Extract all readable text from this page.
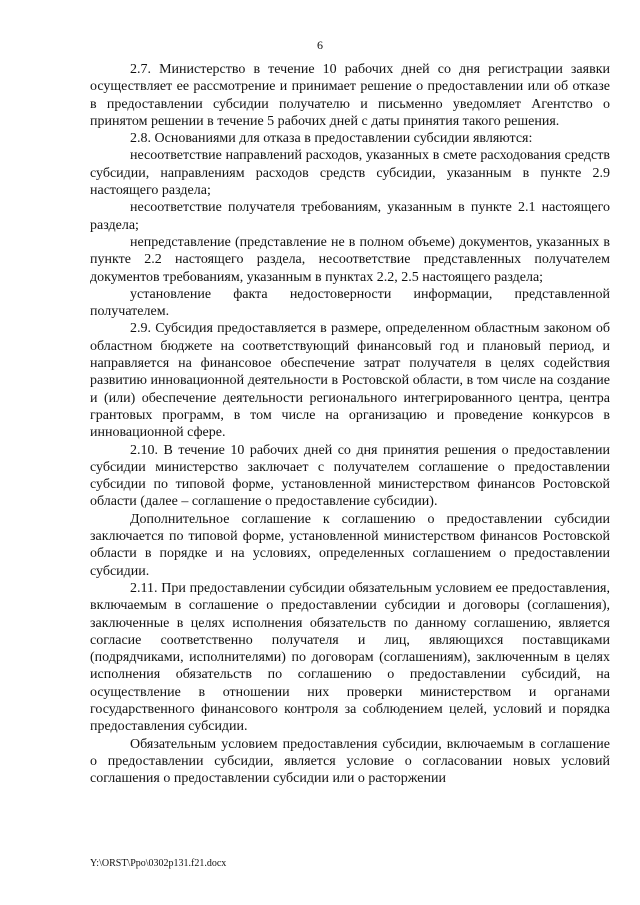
6

2.7. Министерство в течение 10 рабочих дней со дня регистрации заявки осуществляет ее рассмотрение и принимает решение о предоставлении или об отказе в предоставлении субсидии получателю и письменно уведомляет Агентство о принятом решении в течение 5 рабочих дней с даты принятия такого решения.

2.8. Основаниями для отказа в предоставлении субсидии являются:

несоответствие направлений расходов, указанных в смете расходования средств субсидии, направлениям расходов средств субсидии, указанным в пункте 2.9 настоящего раздела;

несоответствие получателя требованиям, указанным в пункте 2.1 настоящего раздела;

непредставление (представление не в полном объеме) документов, указанных в пункте 2.2 настоящего раздела, несоответствие представленных получателем документов требованиям, указанным в пунктах 2.2, 2.5 настоящего раздела;

установление факта недостоверности информации, представленной получателем.

2.9. Субсидия предоставляется в размере, определенном областным законом об областном бюджете на соответствующий финансовый год и плановый период, и направляется на финансовое обеспечение затрат получателя в целях содействия развитию инновационной деятельности в Ростовской области, в том числе на создание и (или) обеспечение деятельности регионального интегрированного центра, центра грантовых программ, в том числе на организацию и проведение конкурсов в инновационной сфере.

2.10. В течение 10 рабочих дней со дня принятия решения о предоставлении субсидии министерство заключает с получателем соглашение о предоставлении субсидии по типовой форме, установленной министерством финансов Ростовской области (далее – соглашение о предоставление субсидии).

Дополнительное соглашение к соглашению о предоставлении субсидии заключается по типовой форме, установленной министерством финансов Ростовской области в порядке и на условиях, определенных соглашением о предоставлении субсидии.

2.11. При предоставлении субсидии обязательным условием ее предоставления, включаемым в соглашение о предоставлении субсидии и договоры (соглашения), заключенные в целях исполнения обязательств по данному соглашению, является согласие соответственно получателя и лиц, являющихся поставщиками (подрядчиками, исполнителями) по договорам (соглашениям), заключенным в целях исполнения обязательств по соглашению о предоставлении субсидий, на осуществление в отношении них проверки министерством и органами государственного финансового контроля за соблюдением целей, условий и порядка предоставления субсидии.

Обязательным условием предоставления субсидии, включаемым в соглашение о предоставлении субсидии, является условие о согласовании новых условий соглашения о предоставлении субсидии или о расторжении

Y:\ORST\Ppo\0302p131.f21.docx
